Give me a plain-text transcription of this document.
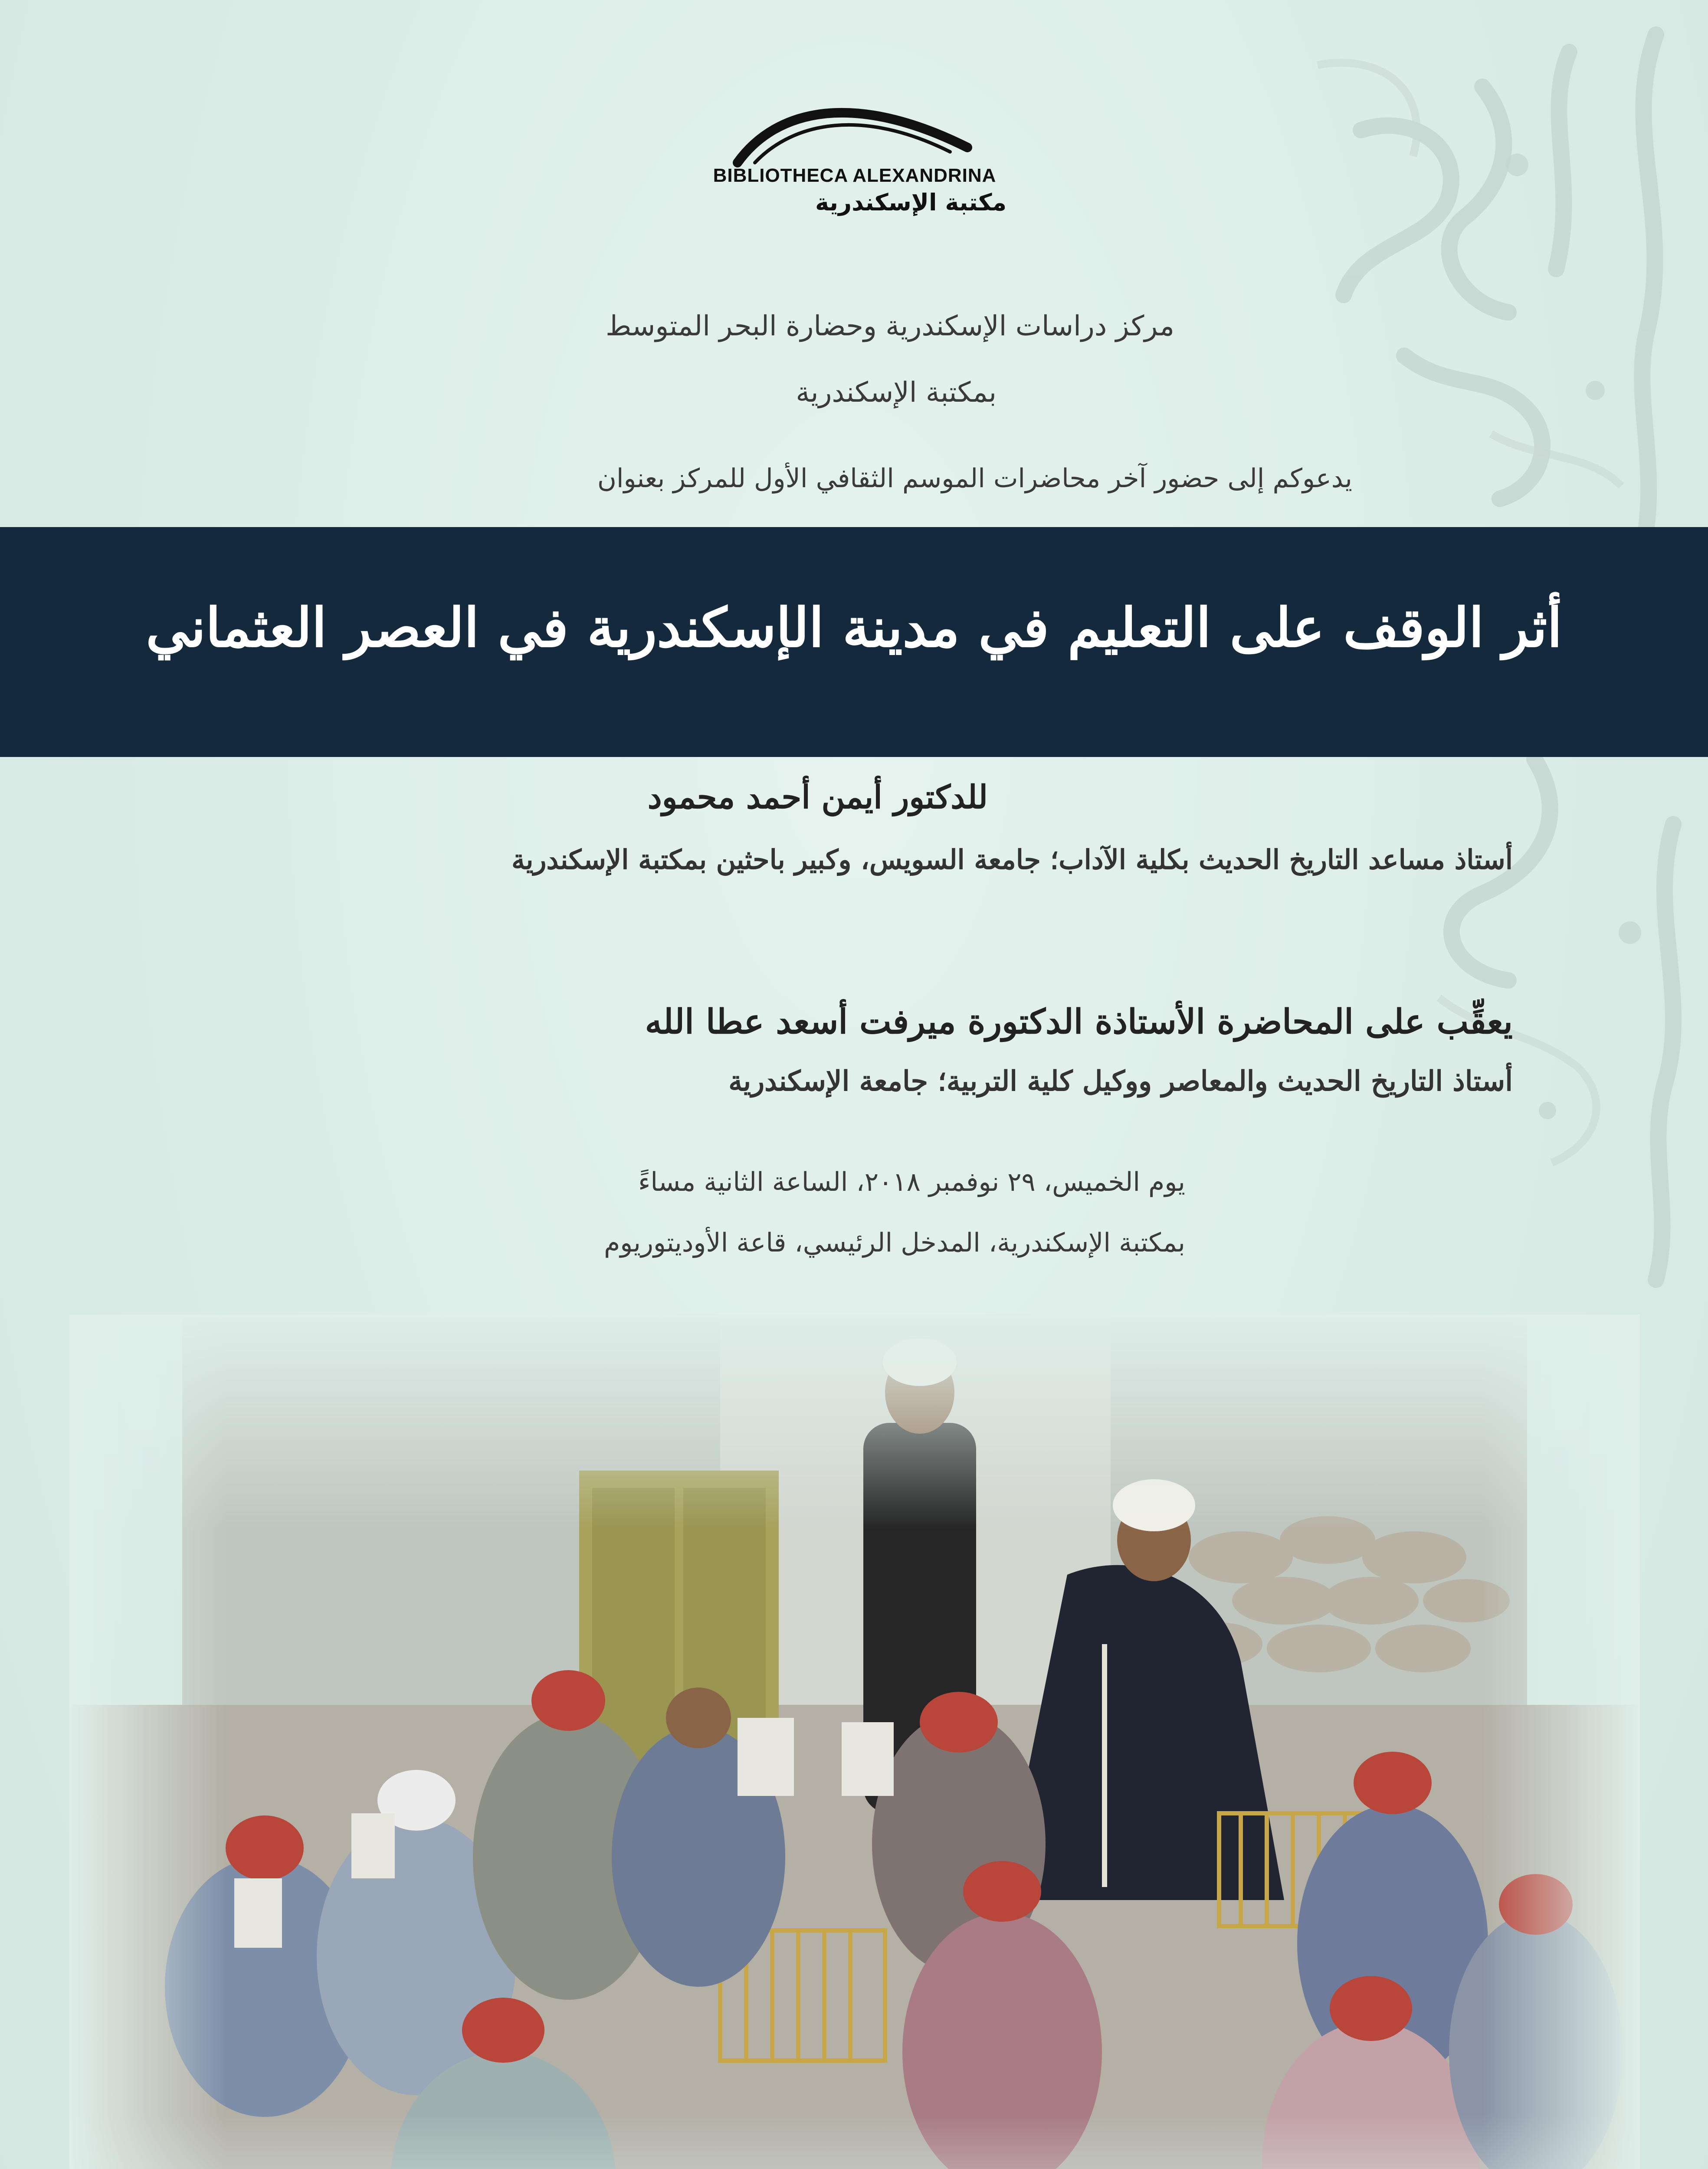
BIBLIOTHECA ALEXANDRINA
مكتبة الإسكندرية
مركز دراسات الإسكندرية وحضارة البحر المتوسط
بمكتبة الإسكندرية
يدعوكم إلى حضور آخر محاضرات الموسم الثقافي الأول للمركز بعنوان
أثر الوقف على التعليم في مدينة الإسكندرية في العصر العثماني
للدكتور أيمن أحمد محمود
أستاذ مساعد التاريخ الحديث بكلية الآداب؛ جامعة السويس، وكبير باحثين بمكتبة الإسكندرية
يعقِّب على المحاضرة الأستاذة الدكتورة ميرفت أسعد عطا الله
أستاذ التاريخ الحديث والمعاصر ووكيل كلية التربية؛ جامعة الإسكندرية
يوم الخميس، ٢٩ نوفمبر ٢٠١٨، الساعة الثانية مساءً
بمكتبة الإسكندرية، المدخل الرئيسي، قاعة الأوديتوريوم
